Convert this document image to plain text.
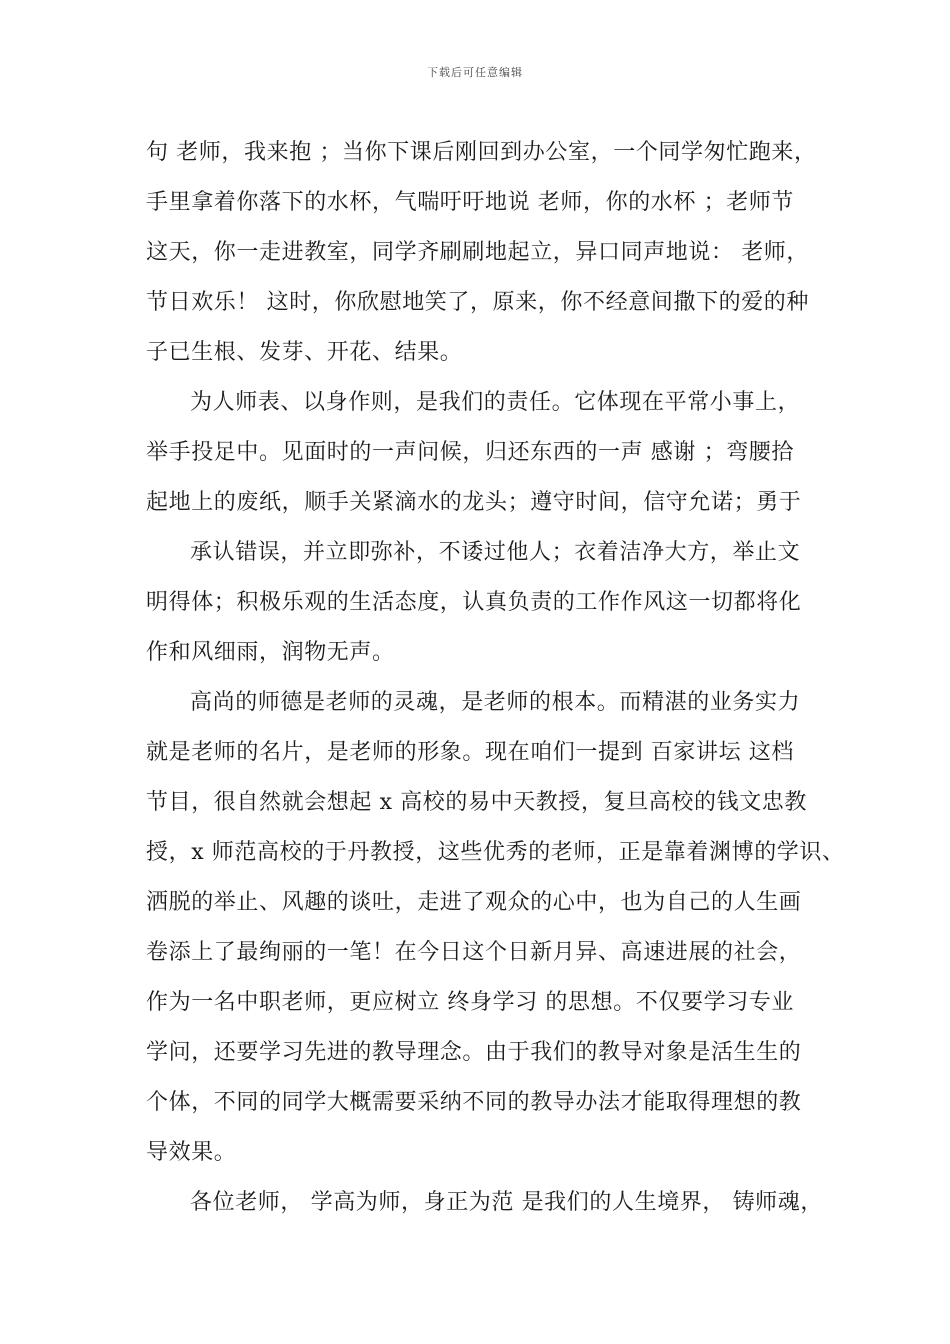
下载后可任意编辑
句 老师，我来抱 ；当你下课后刚回到办公室，一个同学匆忙跑来，
手里拿着你落下的水杯，气喘吁吁地说 老师，你的水杯 ；老师节
这天，你一走进教室，同学齐刷刷地起立，异口同声地说： 老师，
节日欢乐！ 这时，你欣慰地笑了，原来，你不经意间撒下的爱的种
子已生根、发芽、开花、结果。
为人师表、以身作则，是我们的责任。它体现在平常小事上，
举手投足中。见面时的一声问候，归还东西的一声 感谢 ；弯腰拾
起地上的废纸，顺手关紧滴水的龙头；遵守时间，信守允诺；勇于
承认错误，并立即弥补，不诿过他人；衣着洁净大方，举止文
明得体；积极乐观的生活态度，认真负责的工作作风这一切都将化
作和风细雨，润物无声。
高尚的师德是老师的灵魂，是老师的根本。而精湛的业务实力
就是老师的名片，是老师的形象。现在咱们一提到 百家讲坛 这档
节目，很自然就会想起 x 高校的易中天教授，复旦高校的钱文忠教
授，x 师范高校的于丹教授，这些优秀的老师，正是靠着渊博的学识、
洒脱的举止、风趣的谈吐，走进了观众的心中，也为自己的人生画
卷添上了最绚丽的一笔！在今日这个日新月异、高速进展的社会，
作为一名中职老师，更应树立 终身学习 的思想。不仅要学习专业
学问，还要学习先进的教导理念。由于我们的教导对象是活生生的
个体，不同的同学大概需要采纳不同的教导办法才能取得理想的教
导效果。
各位老师， 学高为师，身正为范 是我们的人生境界， 铸师魂，
